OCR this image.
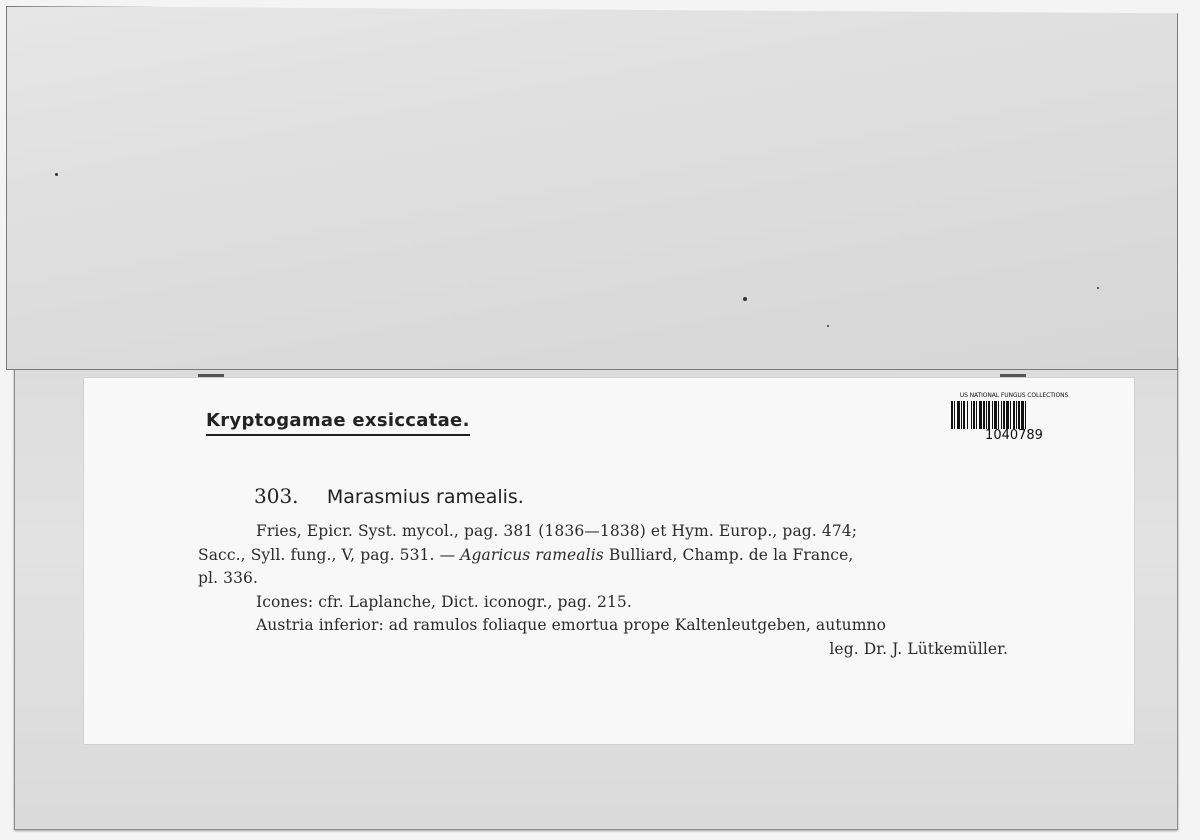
Kryptogamae exsiccatae.
US NATIONAL FUNGUS COLLECTIONS
1040789
303. Marasmius ramealis.

Fries, Epicr. Syst. mycol., pag. 381 (1836—1838) et Hym. Europ., pag. 474;

Sacc., Syll. fung., V, pag. 531. — Agaricus ramealis Bulliard, Champ. de la France,

pl. 336.

Icones: cfr. Laplanche, Dict. iconogr., pag. 215.

Austria inferior: ad ramulos foliaque emortua prope Kaltenleutgeben, autumno

leg. Dr. J. Lütkemüller.
